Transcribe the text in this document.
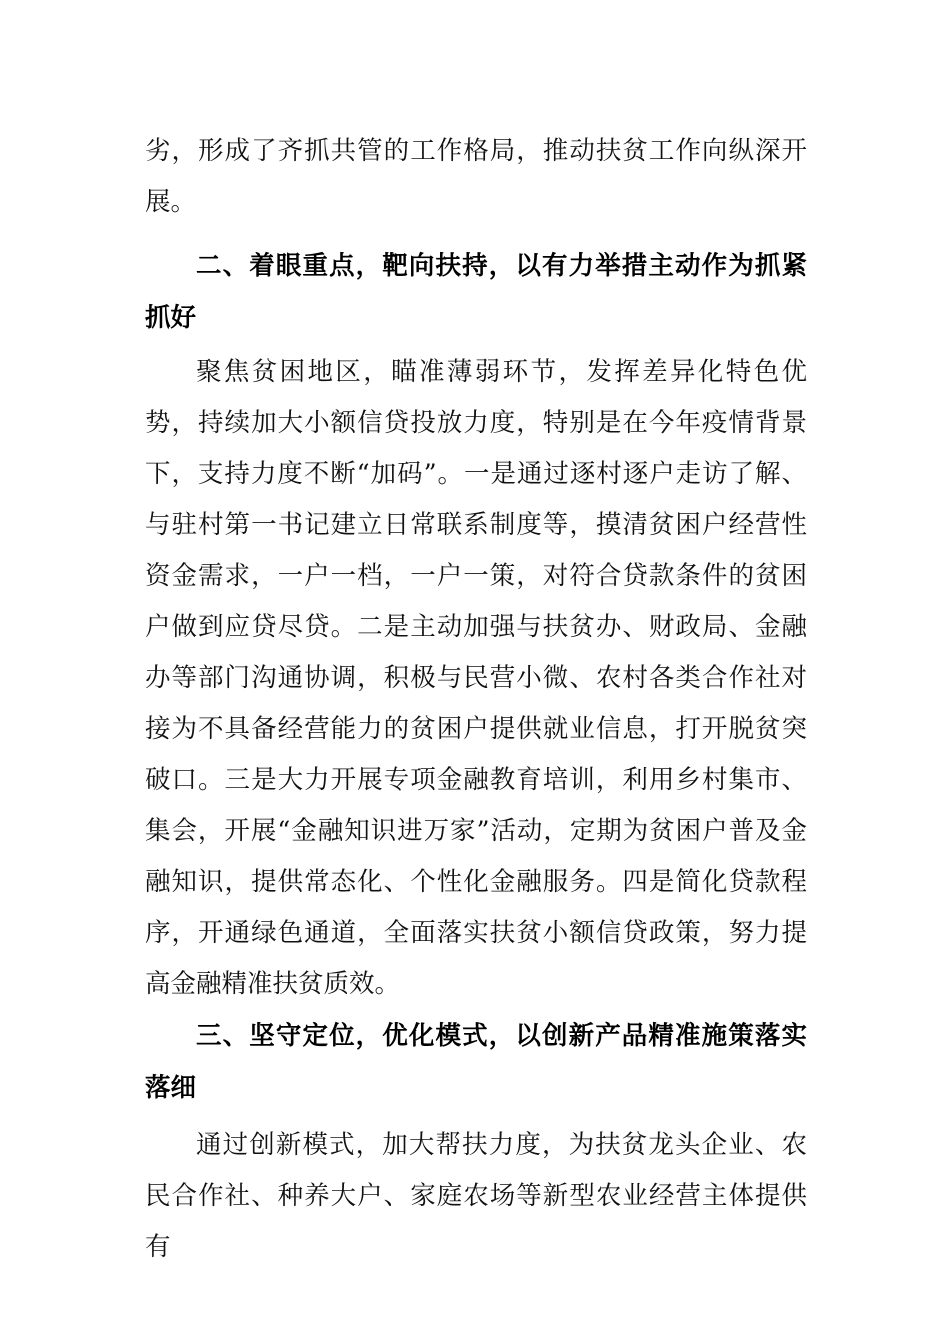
劣，形成了齐抓共管的工作格局，推动扶贫工作向纵深开展。

二、着眼重点，靶向扶持，以有力举措主动作为抓紧抓好

聚焦贫困地区，瞄准薄弱环节，发挥差异化特色优势，持续加大小额信贷投放力度，特别是在今年疫情背景下，支持力度不断“加码”。一是通过逐村逐户走访了解、与驻村第一书记建立日常联系制度等，摸清贫困户经营性资金需求，一户一档，一户一策，对符合贷款条件的贫困户做到应贷尽贷。二是主动加强与扶贫办、财政局、金融办等部门沟通协调，积极与民营小微、农村各类合作社对接为不具备经营能力的贫困户提供就业信息，打开脱贫突破口。三是大力开展专项金融教育培训，利用乡村集市、集会，开展“金融知识进万家”活动，定期为贫困户普及金融知识，提供常态化、个性化金融服务。四是简化贷款程序，开通绿色通道，全面落实扶贫小额信贷政策，努力提高金融精准扶贫质效。

三、坚守定位，优化模式，以创新产品精准施策落实落细

通过创新模式，加大帮扶力度，为扶贫龙头企业、农民合作社、种养大户、家庭农场等新型农业经营主体提供有
